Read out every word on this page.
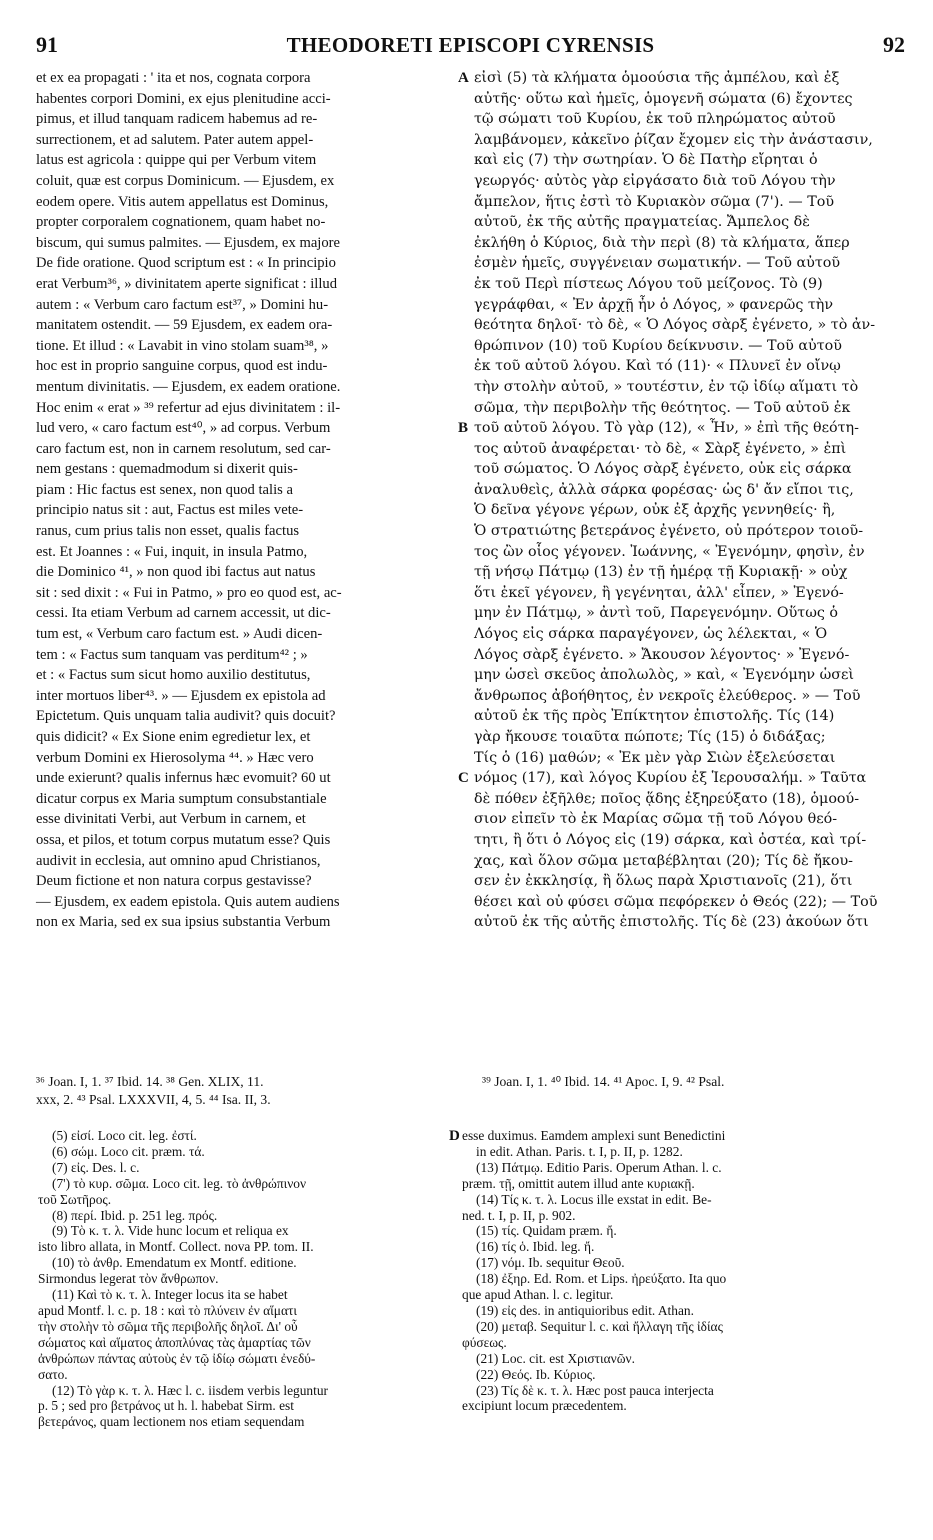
91	THEODORETI EPISCOPI CYRENSIS	92

et ex ea propagati : ' ita et nos, cognata corpora

habentes corpori Domini, ex ejus plenitudine acci-

pimus, et illud tanquam radicem habemus ad re-

surrectionem, et ad salutem. Pater autem appel-

latus est agricola : quippe qui per Verbum vitem

coluit, quæ est corpus Dominicum. — Ejusdem, ex

eodem opere. Vitis autem appellatus est Dominus,

propter corporalem cognationem, quam habet no-

biscum, qui sumus palmites. — Ejusdem, ex majore

De fide oratione. Quod scriptum est : « In principio

erat Verbum³⁶, » divinitatem aperte significat : illud

autem : « Verbum caro factum est³⁷, » Domini hu-

manitatem ostendit. — 59 Ejusdem, ex eadem ora-

tione. Et illud : « Lavabit in vino stolam suam³⁸, »

hoc est in proprio sanguine corpus, quod est indu-

mentum divinitatis. — Ejusdem, ex eadem oratione.

Hoc enim « erat » ³⁹ refertur ad ejus divinitatem : il-

lud vero, « caro factum est⁴⁰, » ad corpus. Verbum

caro factum est, non in carnem resolutum, sed car-

nem gestans : quemadmodum si dixerit quis-

piam : Hic factus est senex, non quod talis a

principio natus sit : aut, Factus est miles vete-

ranus, cum prius talis non esset, qualis factus

est. Et Joannes : « Fui, inquit, in insula Patmo,

die Dominico ⁴¹, » non quod ibi factus aut natus

sit : sed dixit : « Fui in Patmo, » pro eo quod est, ac-

cessi. Ita etiam Verbum ad carnem accessit, ut dic-

tum est, « Verbum caro factum est. » Audi dicen-

tem : « Factus sum tanquam vas perditum⁴² ; »

et : « Factus sum sicut homo auxilio destitutus,

inter mortuos liber⁴³. » — Ejusdem ex epistola ad

Epictetum. Quis unquam talia audivit? quis docuit?

quis didicit? « Ex Sione enim egredietur lex, et

verbum Domini ex Hierosolyma ⁴⁴. » Hæc vero

unde exierunt? qualis infernus hæc evomuit? 60 ut

dicatur corpus ex Maria sumptum consubstantiale

esse divinitati Verbi, aut Verbum in carnem, et

ossa, et pilos, et totum corpus mutatum esse? Quis

audivit in ecclesia, aut omnino apud Christianos,

Deum fictione et non natura corpus gestavisse?

— Ejusdem, ex eadem epistola. Quis autem audiens

non ex Maria, sed ex sua ipsius substantia Verbum

A
B
C
D

εἰσὶ (5) τὰ κλήματα ὁμοούσια τῆς ἀμπέλου, καὶ ἐξ

αὐτῆς· οὕτω καὶ ἡμεῖς, ὁμογενῆ σώματα (6) ἔχοντες

τῷ σώματι τοῦ Κυρίου, ἐκ τοῦ πληρώματος αὐτοῦ

λαμβάνομεν, κἀκεῖνο ῥίζαν ἔχομεν εἰς τὴν ἀνάστασιν,

καὶ εἰς (7) τὴν σωτηρίαν. Ὁ δὲ Πατὴρ εἴρηται ὁ

γεωργός· αὐτὸς γὰρ εἰργάσατο διὰ τοῦ Λόγου τὴν

ἄμπελον, ἥτις ἐστὶ τὸ Κυριακὸν σῶμα (7'). — Τοῦ

αὐτοῦ, ἐκ τῆς αὐτῆς πραγματείας. Ἄμπελος δὲ

ἐκλήθη ὁ Κύριος, διὰ τὴν περὶ (8) τὰ κλήματα, ἅπερ

ἐσμὲν ἡμεῖς, συγγένειαν σωματικήν. — Τοῦ αὐτοῦ

ἐκ τοῦ Περὶ πίστεως Λόγου τοῦ μείζονος. Τὸ (9)

γεγράφθαι, « Ἐν ἀρχῇ ἦν ὁ Λόγος, » φανερῶς τὴν

θεότητα δηλοῖ· τὸ δὲ, « Ὁ Λόγος σὰρξ ἐγένετο, » τὸ ἀν-

θρώπινον (10) τοῦ Κυρίου δείκνυσιν. — Τοῦ αὐτοῦ

ἐκ τοῦ αὐτοῦ λόγου. Καὶ τό (11)· « Πλυνεῖ ἐν οἴνῳ

τὴν στολὴν αὐτοῦ, » τουτέστιν, ἐν τῷ ἰδίῳ αἵματι τὸ

σῶμα, τὴν περιβολὴν τῆς θεότητος. — Τοῦ αὐτοῦ ἐκ

τοῦ αὐτοῦ λόγου. Τὸ γὰρ (12), « Ἦν, » ἐπὶ τῆς θεότη-

τος αὐτοῦ ἀναφέρεται· τὸ δὲ, « Σὰρξ ἐγένετο, » ἐπὶ

τοῦ σώματος. Ὁ Λόγος σὰρξ ἐγένετο, οὐκ εἰς σάρκα

ἀναλυθεὶς, ἀλλὰ σάρκα φορέσας· ὡς δ' ἄν εἴποι τις,

Ὁ δεῖνα γέγονε γέρων, οὐκ ἐξ ἀρχῆς γεννηθείς· ἢ,

Ὁ στρατιώτης βετεράνος ἐγένετο, οὐ πρότερον τοιοῦ-

τος ὢν οἷος γέγονεν. Ἰωάννης, « Ἐγενόμην, φησὶν, ἐν

τῇ νήσῳ Πάτμῳ (13) ἐν τῇ ἡμέρᾳ τῇ Κυριακῇ· » οὐχ

ὅτι ἐκεῖ γέγονεν, ἢ γεγένηται, ἀλλ' εἶπεν, » Ἐγενό-

μην ἐν Πάτμῳ, » ἀντὶ τοῦ, Παρεγενόμην. Οὕτως ὁ

Λόγος εἰς σάρκα παραγέγονεν, ὡς λέλεκται, « Ὁ

Λόγος σὰρξ ἐγένετο. » Ἄκουσον λέγοντος· » Ἐγενό-

μην ὡσεὶ σκεῦος ἀπολωλὸς, » καὶ, « Ἐγενόμην ὡσεὶ

ἄνθρωπος ἀβοήθητος, ἐν νεκροῖς ἐλεύθερος. » — Τοῦ

αὐτοῦ ἐκ τῆς πρὸς Ἐπίκτητον ἐπιστολῆς. Τίς (14)

γὰρ ἤκουσε τοιαῦτα πώποτε; Τίς (15) ὁ διδάξας;

Τίς ὁ (16) μαθών; « Ἐκ μὲν γὰρ Σιὼν ἐξελεύσεται

νόμος (17), καὶ λόγος Κυρίου ἐξ Ἱερουσαλήμ. » Ταῦτα

δὲ πόθεν ἐξῆλθε; ποῖος ᾅδης ἐξηρεύξατο (18), ὁμοού-

σιον εἰπεῖν τὸ ἐκ Μαρίας σῶμα τῇ τοῦ Λόγου θεό-

τητι, ἢ ὅτι ὁ Λόγος εἰς (19) σάρκα, καὶ ὀστέα, καὶ τρί-

χας, καὶ ὅλον σῶμα μεταβέβληται (20); Τίς δὲ ἤκου-

σεν ἐν ἐκκλησίᾳ, ἢ ὅλως παρὰ Χριστιανοῖς (21), ὅτι

θέσει καὶ οὐ φύσει σῶμα πεφόρεκεν ὁ Θεός (22); — Τοῦ

αὐτοῦ ἐκ τῆς αὐτῆς ἐπιστολῆς. Τίς δὲ (23) ἀκούων ὅτι

³⁶ Joan. I, 1. ³⁷ Ibid. 14. ³⁸ Gen. XLIX, 11.
xxx, 2. ⁴³ Psal. LXXXVII, 4, 5. ⁴⁴ Isa. II, 3.
³⁹ Joan. I, 1. ⁴⁰ Ibid. 14. ⁴¹ Apoc. I, 9. ⁴² Psal.

(5) εἰσί. Loco cit. leg. ἐστί.

(6) σώμ. Loco cit. præm. τά.

(7) εἰς. Des. l. c.

(7') τὸ κυρ. σῶμα. Loco cit. leg. τὸ ἀνθρώπινον

τοῦ Σωτῆρος.

(8) περί. Ibid. p. 251 leg. πρός.

(9) Τὸ κ. τ. λ. Vide hunc locum et reliqua ex

isto libro allata, in Montf. Collect. nova PP. tom. II.

(10) τὸ ἀνθρ. Emendatum ex Montf. editione.

Sirmondus legerat τὸν ἄνθρωπον.

(11) Καὶ τὸ κ. τ. λ. Integer locus ita se habet

apud Montf. l. c. p. 18 : καὶ τὸ πλύνειν ἐν αἵματι

τὴν στολὴν τὸ σῶμα τῆς περιβολῆς δηλοῖ. Δι' οὗ

σώματος καὶ αἵματος ἀποπλύνας τὰς ἁμαρτίας τῶν

ἀνθρώπων πάντας αὐτοὺς ἐν τῷ ἰδίῳ σώματι ἐνεδύ-

σατο.

(12) Τὸ γὰρ κ. τ. λ. Hæc l. c. iisdem verbis leguntur

p. 5 ; sed pro βετράνος ut h. l. habebat Sirm. est

βετεράνος, quam lectionem nos etiam sequendam

esse duximus. Eamdem amplexi sunt Benedictini

in edit. Athan. Paris. t. I, p. II, p. 1282.

(13) Πάτμῳ. Editio Paris. Operum Athan. l. c.

præm. τῇ, omittit autem illud ante κυριακῇ.

(14) Τίς κ. τ. λ. Locus ille exstat in edit. Be-

ned. t. I, p. II, p. 902.

(15) τίς. Quidam præm. ἤ.

(16) τίς ὁ. Ibid. leg. ἤ.

(17) νόμ. Ib. sequitur Θεοῦ.

(18) ἐξηρ. Ed. Rom. et Lips. ἠρεύξατο. Ita quo

que apud Athan. l. c. legitur.

(19) εἰς des. in antiquioribus edit. Athan.

(20) μεταβ. Sequitur l. c. καὶ ἤλλαγη τῆς ἰδίας

φύσεως.

(21) Loc. cit. est Χριστιανῶν.

(22) Θεός. Ib. Κύριος.

(23) Τίς δὲ κ. τ. λ. Hæc post pauca interjecta

excipiunt locum præcedentem.
